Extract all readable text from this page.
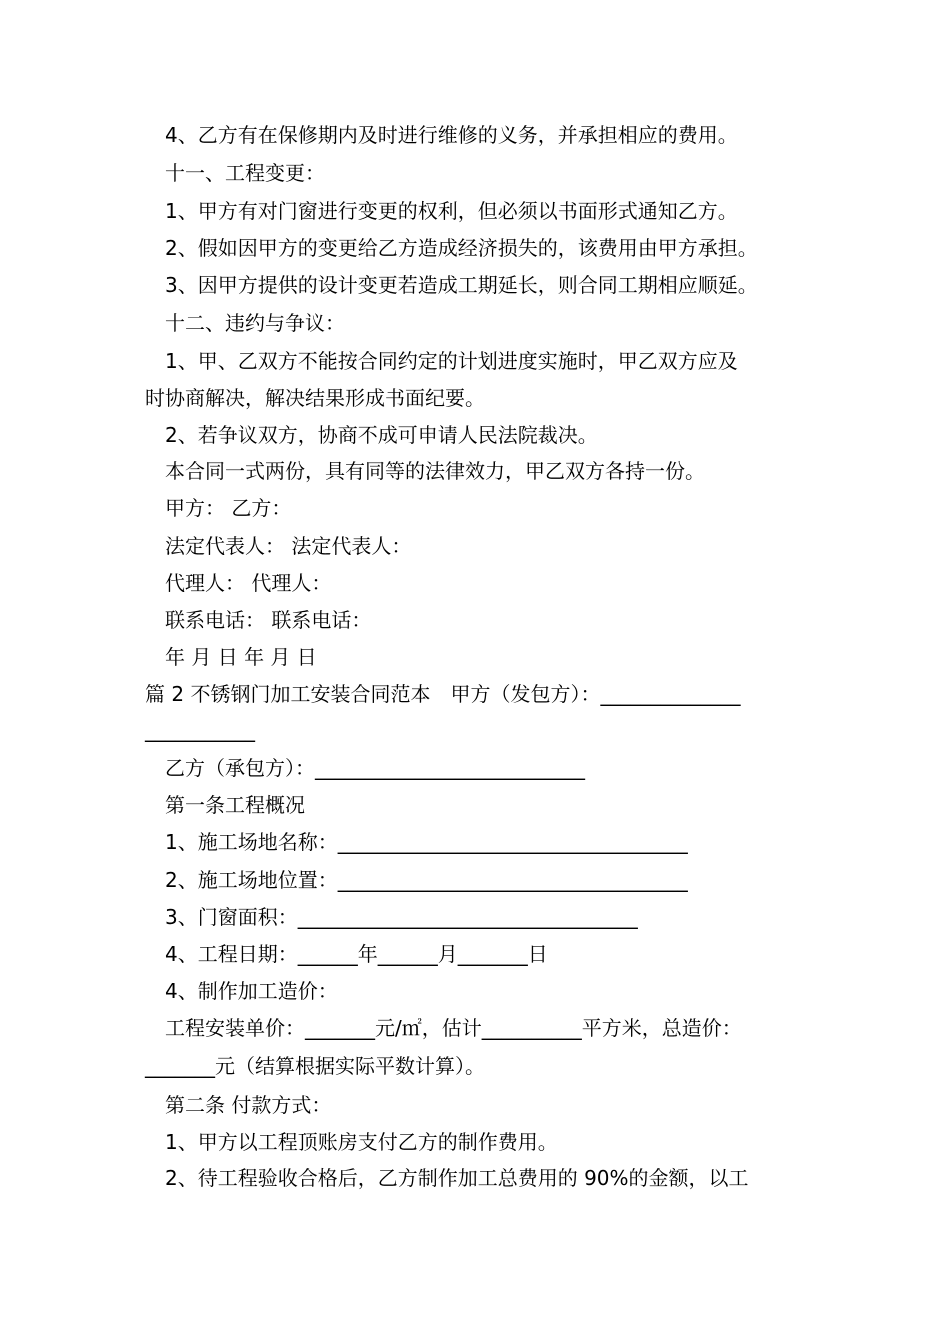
4、乙方有在保修期内及时进行维修的义务，并承担相应的费用。
十一、工程变更：
1、甲方有对门窗进行变更的权利，但必须以书面形式通知乙方。
2、假如因甲方的变更给乙方造成经济损失的，该费用由甲方承担。
3、因甲方提供的设计变更若造成工期延长，则合同工期相应顺延。
十二、违约与争议：
1、甲、乙双方不能按合同约定的计划进度实施时，甲乙双方应及
时协商解决，解决结果形成书面纪要。
2、若争议双方，协商不成可申请人民法院裁决。
本合同一式两份，具有同等的法律效力，甲乙双方各持一份。
甲方： 乙方：
法定代表人： 法定代表人：
代理人： 代理人：
联系电话： 联系电话：
年 月 日 年 月 日
篇 2 不锈钢门加工安装合同范本　甲方（发包方）：______________
___________
乙方（承包方）：___________________________
第一条工程概况
1、施工场地名称：___________________________________
2、施工场地位置：___________________________________
3、门窗面积：__________________________________
4、工程日期：______年______月_______日
4、制作加工造价：
工程安装单价：_______元/㎡，估计__________平方米，总造价：
_______元（结算根据实际平数计算）。
第二条 付款方式：
1、甲方以工程顶账房支付乙方的制作费用。
2、待工程验收合格后，乙方制作加工总费用的 90%的金额，以工
